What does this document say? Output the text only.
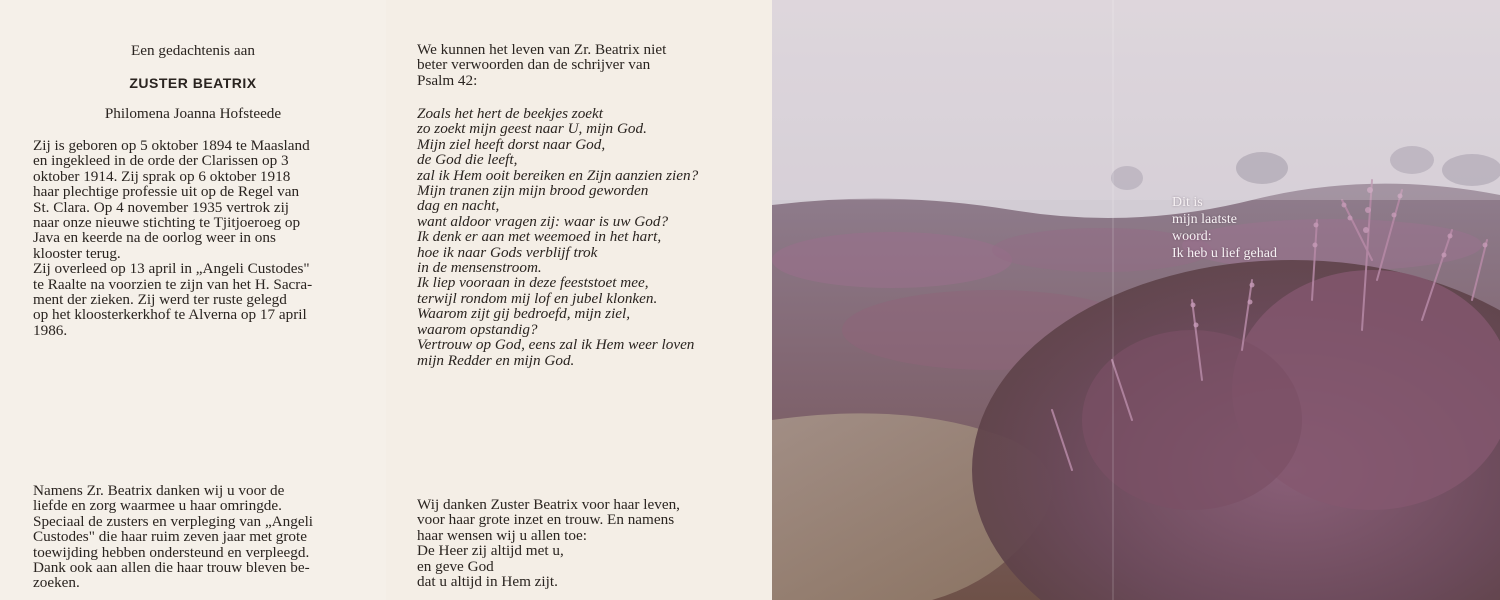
Een gedachtenis aan

ZUSTER BEATRIX

Philomena Joanna Hofsteede

Zij is geboren op 5 oktober 1894 te Maasland
en ingekleed in de orde der Clarissen op 3
oktober 1914. Zij sprak op 6 oktober 1918
haar plechtige professie uit op de Regel van
St. Clara. Op 4 november 1935 vertrok zij
naar onze nieuwe stichting te Tjitjoeroeg op
Java en keerde na de oorlog weer in ons
klooster terug.
Zij overleed op 13 april in „Angeli Custodes"
te Raalte na voorzien te zijn van het H. Sacra-
ment der zieken. Zij werd ter ruste gelegd
op het kloosterkerkhof te Alverna op 17 april
1986.
Namens Zr. Beatrix danken wij u voor de
liefde en zorg waarmee u haar omringde.
Speciaal de zusters en verpleging van „Angeli
Custodes" die haar ruim zeven jaar met grote
toewijding hebben ondersteund en verpleegd.
Dank ook aan allen die haar trouw bleven be-
zoeken.
We kunnen het leven van Zr. Beatrix niet
beter verwoorden dan de schrijver van
Psalm 42:
Zoals het hert de beekjes zoekt
zo zoekt mijn geest naar U, mijn God.
Mijn ziel heeft dorst naar God,
de God die leeft,
zal ik Hem ooit bereiken en Zijn aanzien zien?
Mijn tranen zijn mijn brood geworden
dag en nacht,
want aldoor vragen zij: waar is uw God?
Ik denk er aan met weemoed in het hart,
hoe ik naar Gods verblijf trok
in de mensenstroom.
Ik liep vooraan in deze feeststoet mee,
terwijl rondom mij lof en jubel klonken.
Waarom zijt gij bedroefd, mijn ziel,
waarom opstandig?
Vertrouw op God, eens zal ik Hem weer loven
mijn Redder en mijn God.
Wij danken Zuster Beatrix voor haar leven,
voor haar grote inzet en trouw. En namens
haar wensen wij u allen toe:
De Heer zij altijd met u,
en geve God
dat u altijd in Hem zijt.
Dit is
mijn laatste
woord:
Ik heb u lief gehad
